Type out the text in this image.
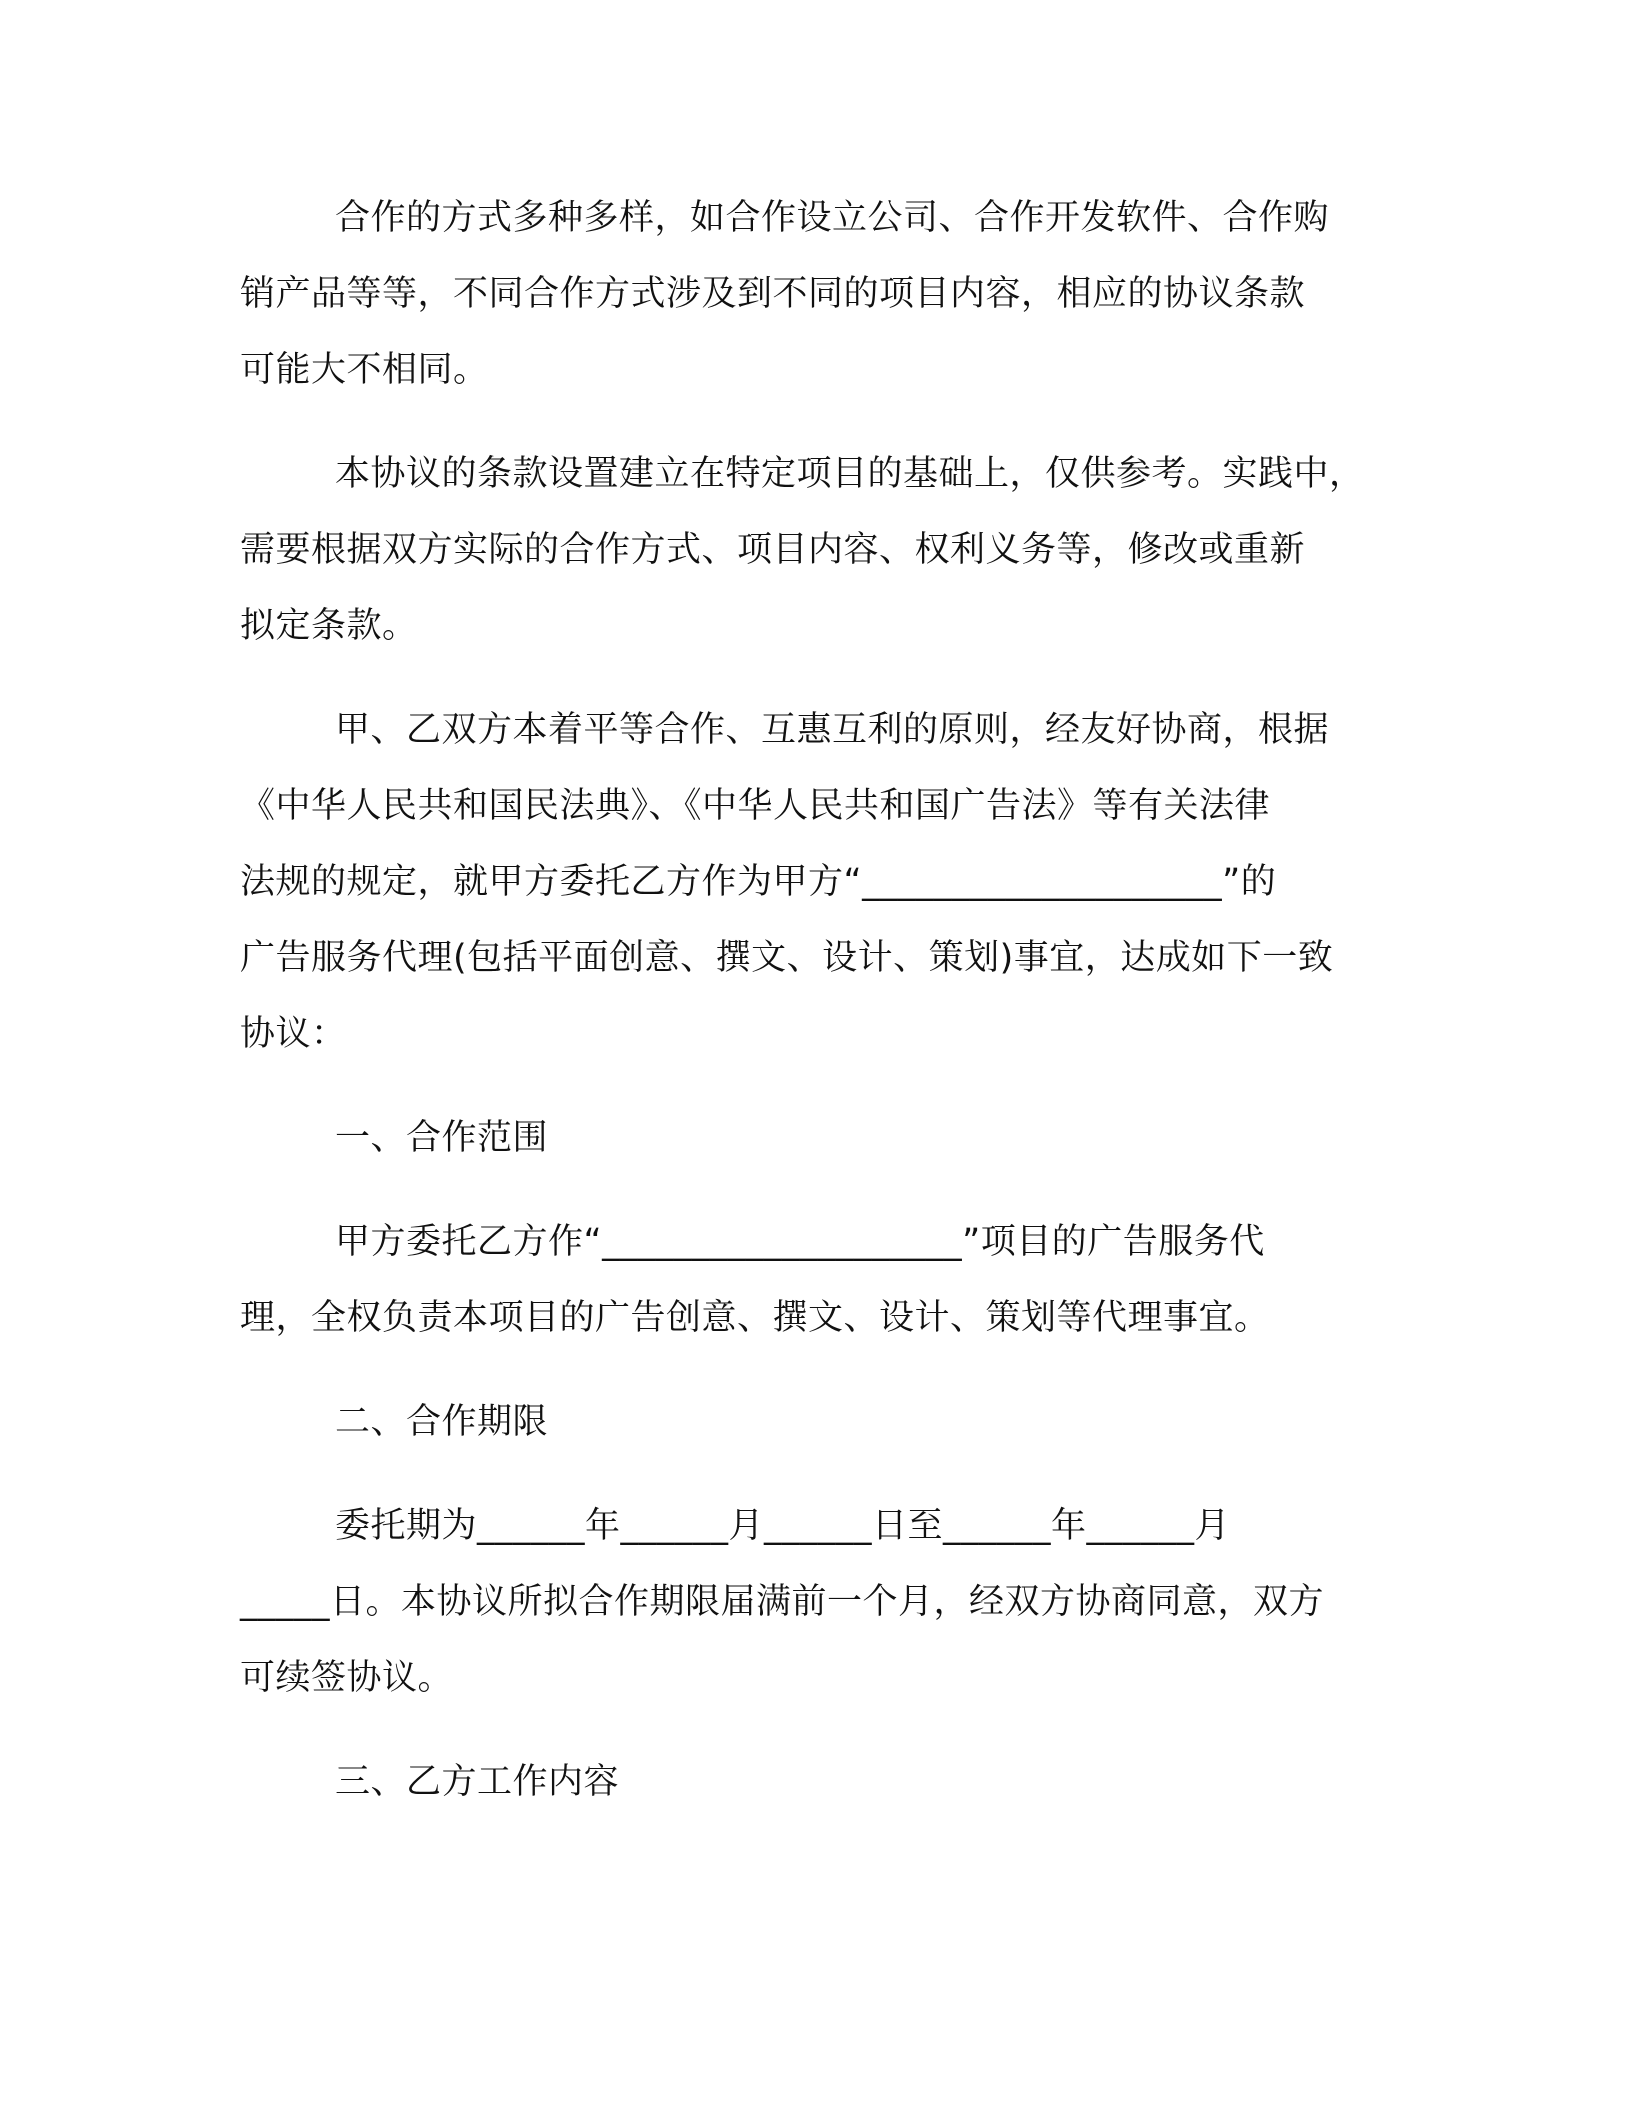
合作的方式多种多样，如合作设立公司、合作开发软件、合作购

销产品等等，不同合作方式涉及到不同的项目内容，相应的协议条款

可能大不相同。

本协议的条款设置建立在特定项目的基础上，仅供参考。实践中，

需要根据双方实际的合作方式、项目内容、权利义务等，修改或重新

拟定条款。

甲、乙双方本着平等合作、互惠互利的原则，经友好协商，根据

《中华人民共和国民法典》、《中华人民共和国广告法》等有关法律

法规的规定，就甲方委托乙方作为甲方“____________________”的

广告服务代理(包括平面创意、撰文、设计、策划)事宜，达成如下一致

协议：

一、合作范围

甲方委托乙方作“____________________”项目的广告服务代

理，全权负责本项目的广告创意、撰文、设计、策划等代理事宜。

二、合作期限

委托期为______年______月______日至______年______月

_____日。本协议所拟合作期限届满前一个月，经双方协商同意，双方

可续签协议。

三、乙方工作内容
